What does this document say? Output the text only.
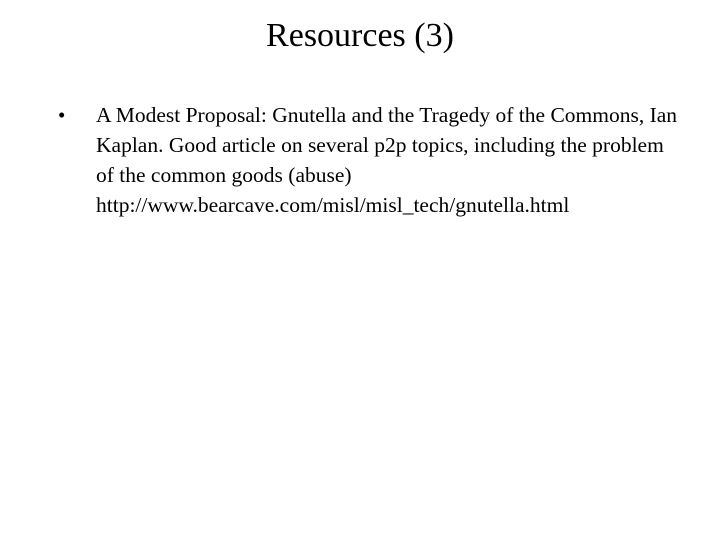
Resources (3)
• A Modest Proposal: Gnutella and the Tragedy of the Commons, Ian Kaplan. Good article on several p2p topics, including the problem of the common goods (abuse) http://www.bearcave.com/misl/misl_tech/gnutella.html
